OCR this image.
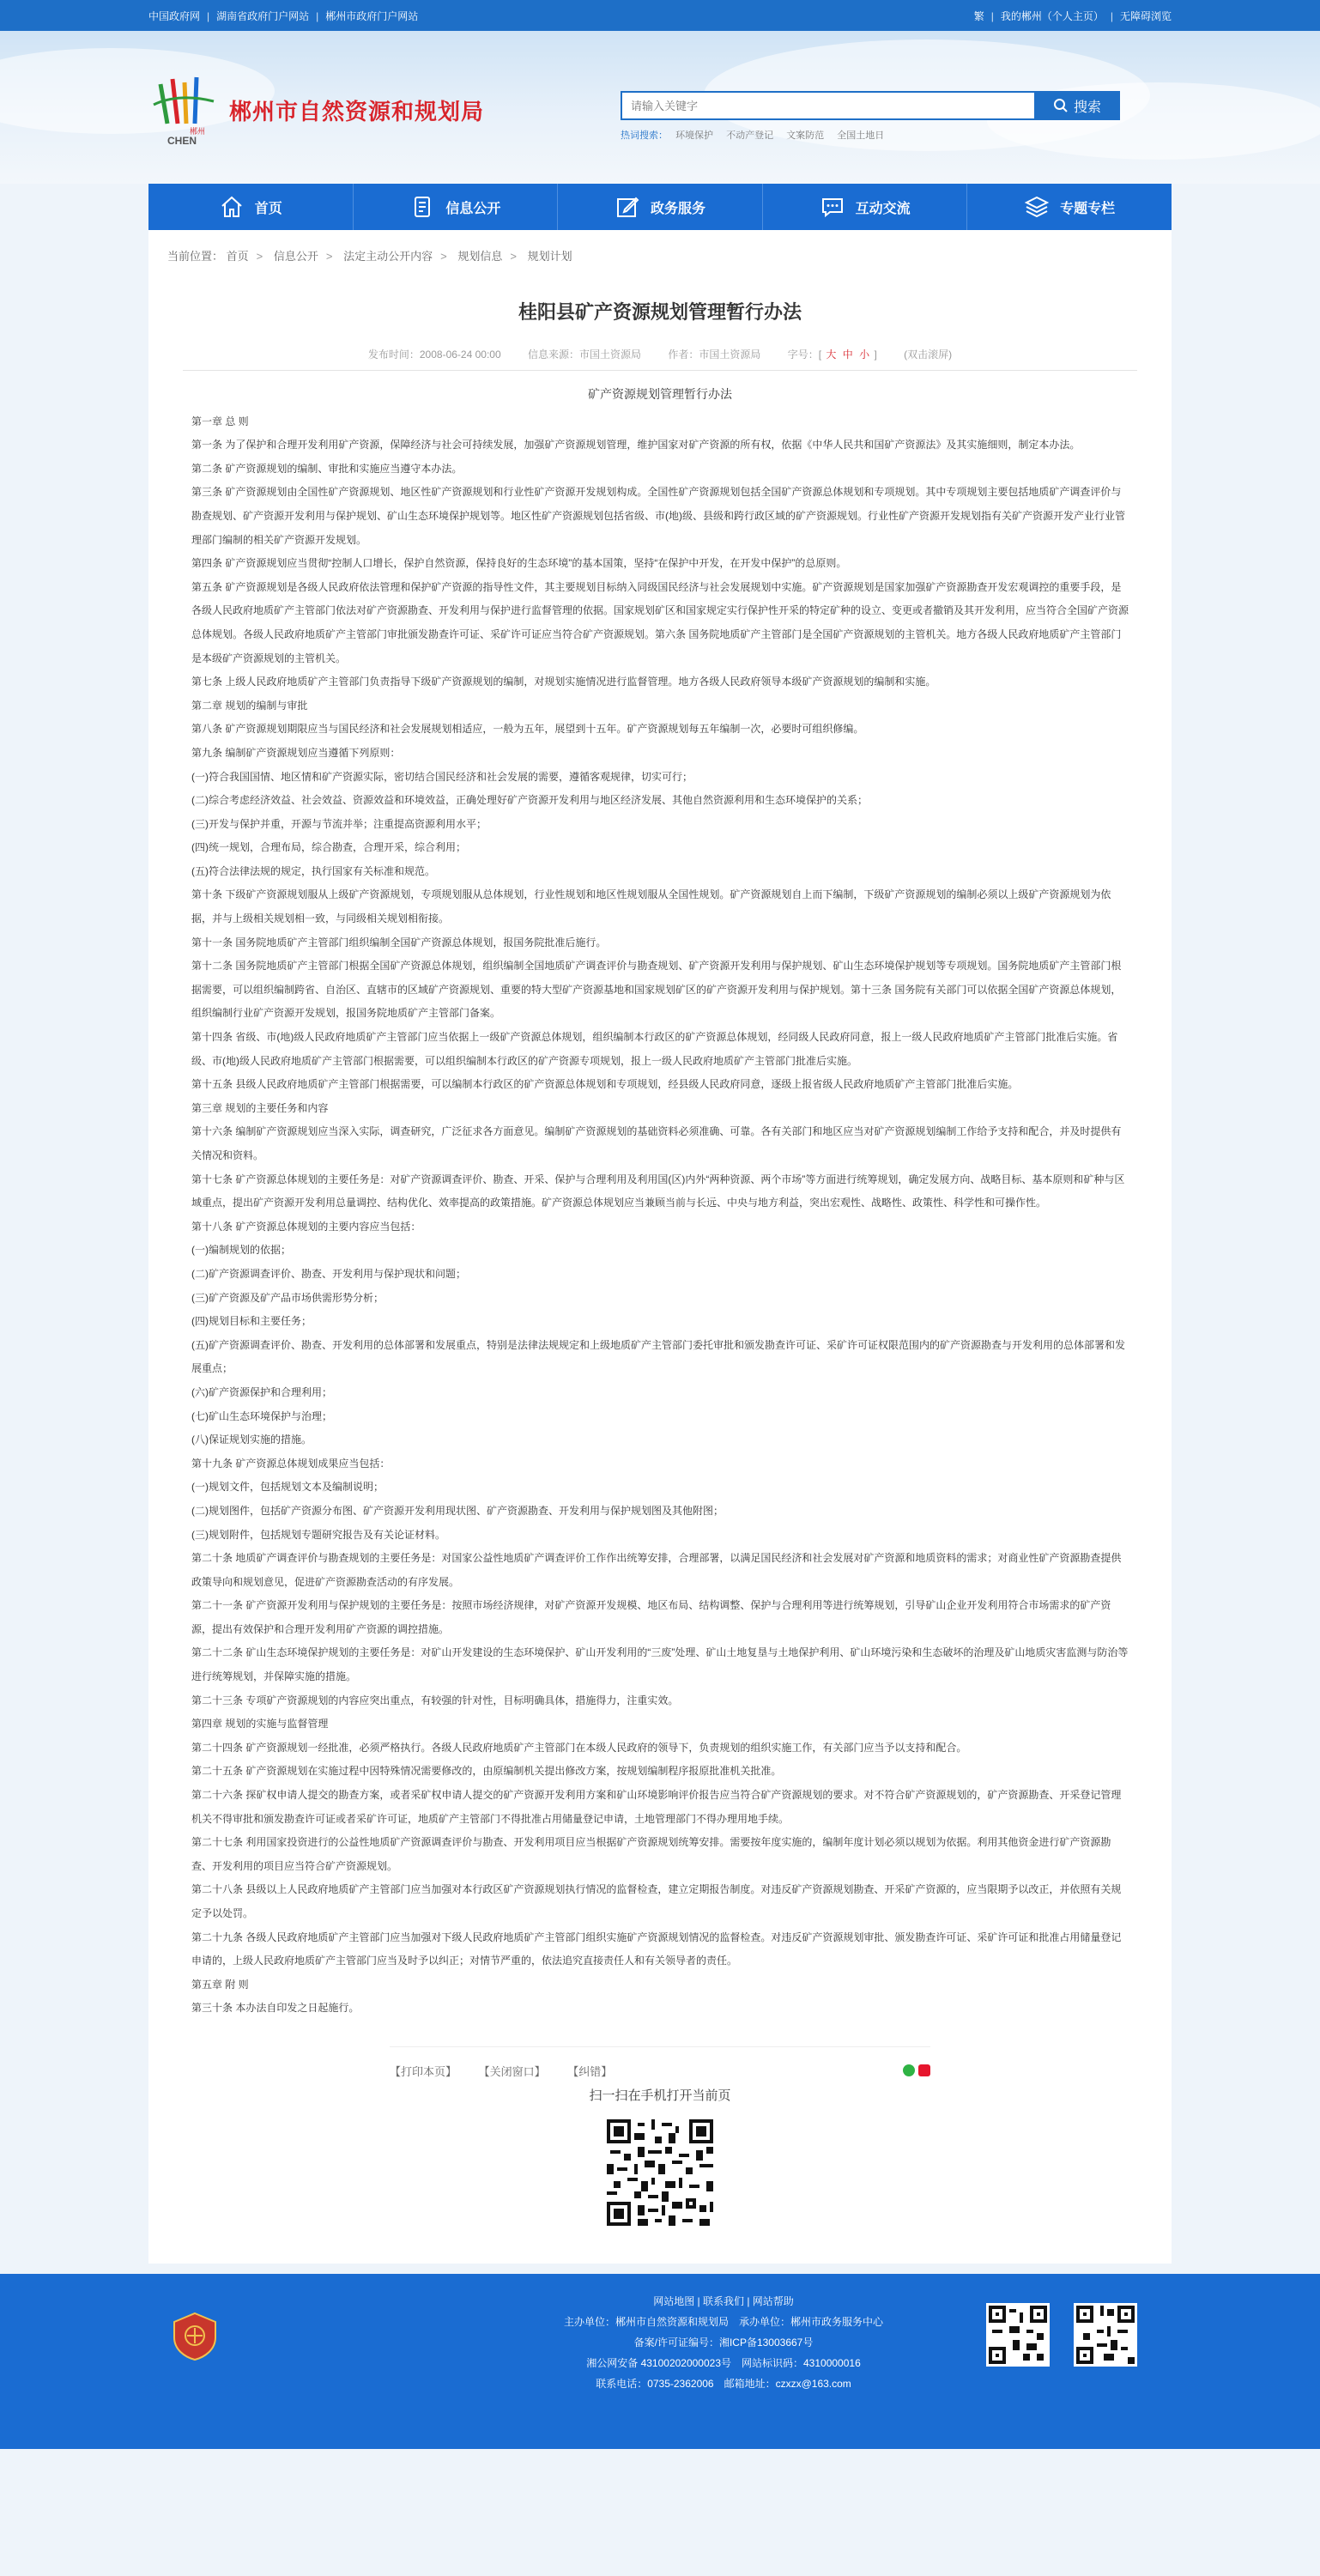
中国政府网 | 湖南省政府门户网站 | 郴州市政府门户网站	繁 | 我的郴州（个人主页） | 无障碍浏览
郴州
CHEN
郴州市自然资源和规划局
请输入关键字	搜索
热词搜索： 环境保护 不动产登记 文案防范 全国土地日
首页	信息公开	政务服务	互动交流	专题专栏
当前位置： 首页 > 信息公开 > 法定主动公开内容 > 规划信息 > 规划计划
桂阳县矿产资源规划管理暂行办法
发布时间：2008-06-24 00:00	信息来源：市国土资源局	作者：市国土资源局	字号：[ 大 中 小 ]	(双击滚屏)
矿产资源规划管理暂行办法

第一章 总 则

第一条 为了保护和合理开发利用矿产资源，保障经济与社会可持续发展，加强矿产资源规划管理，维护国家对矿产资源的所有权，依据《中华人民共和国矿产资源法》及其实施细则，制定本办法。

第二条 矿产资源规划的编制、审批和实施应当遵守本办法。

第三条 矿产资源规划由全国性矿产资源规划、地区性矿产资源规划和行业性矿产资源开发规划构成。全国性矿产资源规划包括全国矿产资源总体规划和专项规划。其中专项规划主要包括地质矿产调查评价与勘查规划、矿产资源开发利用与保护规划、矿山生态环境保护规划等。地区性矿产资源规划包括省级、市(地)级、县级和跨行政区域的矿产资源规划。行业性矿产资源开发规划指有关矿产资源开发产业行业管理部门编制的相关矿产资源开发规划。

第四条 矿产资源规划应当贯彻“控制人口增长，保护自然资源，保持良好的生态环境”的基本国策，坚持“在保护中开发，在开发中保护”的总原则。

第五条 矿产资源规划是各级人民政府依法管理和保护矿产资源的指导性文件，其主要规划目标纳入同级国民经济与社会发展规划中实施。矿产资源规划是国家加强矿产资源勘查开发宏观调控的重要手段，是各级人民政府地质矿产主管部门依法对矿产资源勘查、开发利用与保护进行监督管理的依据。国家规划矿区和国家规定实行保护性开采的特定矿种的设立、变更或者撤销及其开发利用，应当符合全国矿产资源总体规划。各级人民政府地质矿产主管部门审批颁发勘查许可证、采矿许可证应当符合矿产资源规划。第六条 国务院地质矿产主管部门是全国矿产资源规划的主管机关。地方各级人民政府地质矿产主管部门是本级矿产资源规划的主管机关。

第七条 上级人民政府地质矿产主管部门负责指导下级矿产资源规划的编制，对规划实施情况进行监督管理。地方各级人民政府领导本级矿产资源规划的编制和实施。

第二章 规划的编制与审批

第八条 矿产资源规划期限应当与国民经济和社会发展规划相适应，一般为五年，展望到十五年。矿产资源规划每五年编制一次，必要时可组织修编。

第九条 编制矿产资源规划应当遵循下列原则：

(一)符合我国国情、地区情和矿产资源实际，密切结合国民经济和社会发展的需要，遵循客观规律，切实可行；

(二)综合考虑经济效益、社会效益、资源效益和环境效益，正确处理好矿产资源开发利用与地区经济发展、其他自然资源利用和生态环境保护的关系；

(三)开发与保护并重，开源与节流并举；注重提高资源利用水平；

(四)统一规划，合理布局，综合勘查，合理开采，综合利用；

(五)符合法律法规的规定，执行国家有关标准和规范。

第十条 下级矿产资源规划服从上级矿产资源规划，专项规划服从总体规划，行业性规划和地区性规划服从全国性规划。矿产资源规划自上而下编制，下级矿产资源规划的编制必须以上级矿产资源规划为依据，并与上级相关规划相一致，与同级相关规划相衔接。

第十一条 国务院地质矿产主管部门组织编制全国矿产资源总体规划，报国务院批准后施行。

第十二条 国务院地质矿产主管部门根据全国矿产资源总体规划，组织编制全国地质矿产调查评价与勘查规划、矿产资源开发利用与保护规划、矿山生态环境保护规划等专项规划。国务院地质矿产主管部门根据需要，可以组织编制跨省、自治区、直辖市的区域矿产资源规划、重要的特大型矿产资源基地和国家规划矿区的矿产资源开发利用与保护规划。第十三条 国务院有关部门可以依据全国矿产资源总体规划，组织编制行业矿产资源开发规划，报国务院地质矿产主管部门备案。

第十四条 省级、市(地)级人民政府地质矿产主管部门应当依据上一级矿产资源总体规划，组织编制本行政区的矿产资源总体规划，经同级人民政府同意，报上一级人民政府地质矿产主管部门批准后实施。省级、市(地)级人民政府地质矿产主管部门根据需要，可以组织编制本行政区的矿产资源专项规划，报上一级人民政府地质矿产主管部门批准后实施。

第十五条 县级人民政府地质矿产主管部门根据需要，可以编制本行政区的矿产资源总体规划和专项规划，经县级人民政府同意，逐级上报省级人民政府地质矿产主管部门批准后实施。

第三章 规划的主要任务和内容

第十六条 编制矿产资源规划应当深入实际，调查研究，广泛征求各方面意见。编制矿产资源规划的基础资料必须准确、可靠。各有关部门和地区应当对矿产资源规划编制工作给予支持和配合，并及时提供有关情况和资料。

第十七条 矿产资源总体规划的主要任务是：对矿产资源调查评价、勘查、开采、保护与合理利用及利用国(区)内外“两种资源、两个市场”等方面进行统筹规划，确定发展方向、战略目标、基本原则和矿种与区域重点，提出矿产资源开发利用总量调控、结构优化、效率提高的政策措施。矿产资源总体规划应当兼顾当前与长远、中央与地方利益，突出宏观性、战略性、政策性、科学性和可操作性。

第十八条 矿产资源总体规划的主要内容应当包括：

(一)编制规划的依据；

(二)矿产资源调查评价、勘查、开发利用与保护现状和问题；

(三)矿产资源及矿产品市场供需形势分析；

(四)规划目标和主要任务；

(五)矿产资源调查评价、勘查、开发利用的总体部署和发展重点，特别是法律法规规定和上级地质矿产主管部门委托审批和颁发勘查许可证、采矿许可证权限范围内的矿产资源勘查与开发利用的总体部署和发展重点；

(六)矿产资源保护和合理利用；

(七)矿山生态环境保护与治理；

(八)保证规划实施的措施。

第十九条 矿产资源总体规划成果应当包括：

(一)规划文件，包括规划文本及编制说明；

(二)规划图件，包括矿产资源分布图、矿产资源开发利用现状图、矿产资源勘查、开发利用与保护规划图及其他附图；

(三)规划附件，包括规划专题研究报告及有关论证材料。

第二十条 地质矿产调查评价与勘查规划的主要任务是：对国家公益性地质矿产调查评价工作作出统筹安排，合理部署，以满足国民经济和社会发展对矿产资源和地质资料的需求；对商业性矿产资源勘查提供政策导向和规划意见，促进矿产资源勘查活动的有序发展。

第二十一条 矿产资源开发利用与保护规划的主要任务是：按照市场经济规律，对矿产资源开发规模、地区布局、结构调整、保护与合理利用等进行统筹规划，引导矿山企业开发利用符合市场需求的矿产资源，提出有效保护和合理开发利用矿产资源的调控措施。

第二十二条 矿山生态环境保护规划的主要任务是：对矿山开发建设的生态环境保护、矿山开发利用的“三废”处理、矿山土地复垦与土地保护利用、矿山环境污染和生态破坏的治理及矿山地质灾害监测与防治等进行统筹规划，并保障实施的措施。

第二十三条 专项矿产资源规划的内容应突出重点，有较强的针对性，目标明确具体，措施得力，注重实效。

第四章 规划的实施与监督管理

第二十四条 矿产资源规划一经批准，必须严格执行。各级人民政府地质矿产主管部门在本级人民政府的领导下，负责规划的组织实施工作，有关部门应当予以支持和配合。

第二十五条 矿产资源规划在实施过程中因特殊情况需要修改的，由原编制机关提出修改方案，按规划编制程序报原批准机关批准。

第二十六条 探矿权申请人提交的勘查方案，或者采矿权申请人提交的矿产资源开发利用方案和矿山环境影响评价报告应当符合矿产资源规划的要求。对不符合矿产资源规划的，矿产资源勘查、开采登记管理机关不得审批和颁发勘查许可证或者采矿许可证，地质矿产主管部门不得批准占用储量登记申请，土地管理部门不得办理用地手续。

第二十七条 利用国家投资进行的公益性地质矿产资源调查评价与勘查、开发利用项目应当根据矿产资源规划统筹安排。需要按年度实施的，编制年度计划必须以规划为依据。利用其他资金进行矿产资源勘查、开发利用的项目应当符合矿产资源规划。

第二十八条 县级以上人民政府地质矿产主管部门应当加强对本行政区矿产资源规划执行情况的监督检查，建立定期报告制度。对违反矿产资源规划勘查、开采矿产资源的，应当限期予以改正，并依照有关规定予以处罚。

第二十九条 各级人民政府地质矿产主管部门应当加强对下级人民政府地质矿产主管部门组织实施矿产资源规划情况的监督检查。对违反矿产资源规划审批、颁发勘查许可证、采矿许可证和批准占用储量登记申请的，上级人民政府地质矿产主管部门应当及时予以纠正；对情节严重的，依法追究直接责任人和有关领导者的责任。

第五章 附 则

第三十条 本办法自印发之日起施行。

【打印本页】 【关闭窗口】 【纠错】
扫一扫在手机打开当前页
网站地图 | 联系我们 | 网站帮助
主办单位：郴州市自然资源和规划局　承办单位：郴州市政务服务中心
备案/许可证编号：湘ICP备13003667号
湘公网安备 43100202000023号　网站标识码：4310000016
联系电话：0735-2362006　邮箱地址：czxzx@163.com
